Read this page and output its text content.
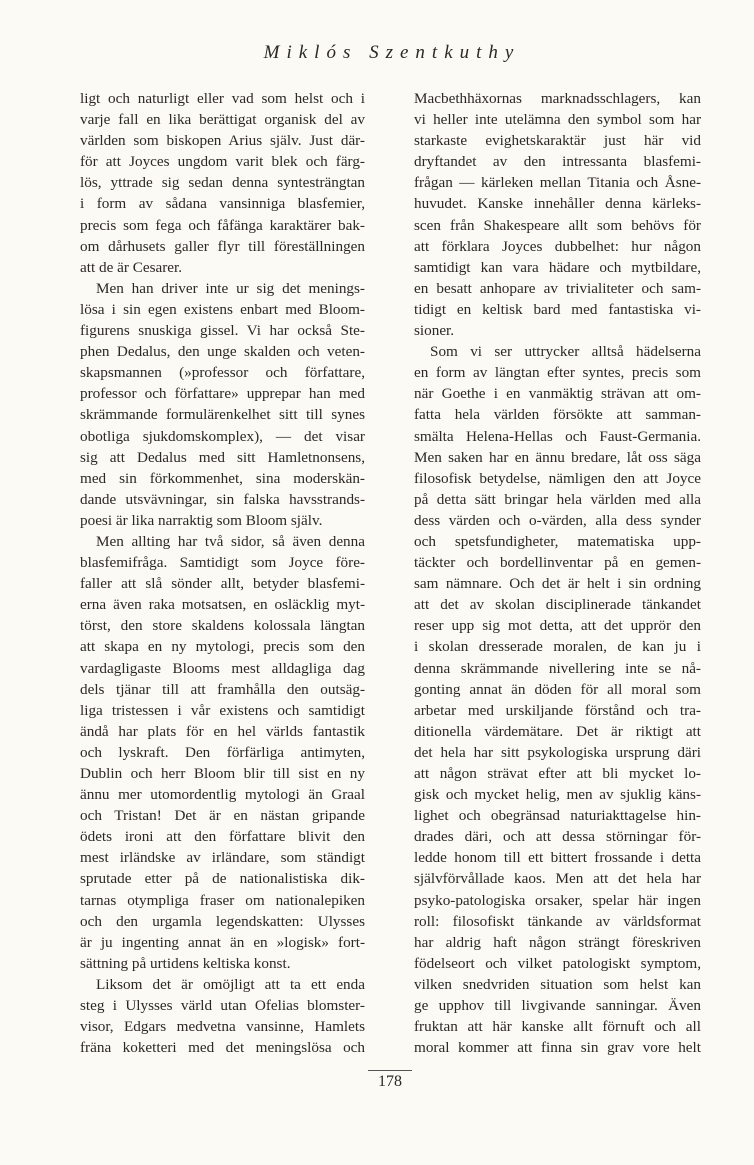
Miklós Szentkuthy
ligt och naturligt eller vad som helst och i
varje fall en lika berättigat organisk del av
världen som biskopen Arius själv. Just där-
för att Joyces ungdom varit blek och färg-
lös, yttrade sig sedan denna syntesträngtan
i form av sådana vansinniga blasfemier,
precis som fega och fåfänga karaktärer bak-
om dårhusets galler flyr till föreställningen
att de är Cesarer.
Men han driver inte ur sig det menings-
lösa i sin egen existens enbart med Bloom-
figurens snuskiga gissel. Vi har också Ste-
phen Dedalus, den unge skalden och veten-
skapsmannen (»professor och författare,
professor och författare» upprepar han med
skrämmande formulärenkelhet sitt till synes
obotliga sjukdomskomplex), — det visar
sig att Dedalus med sitt Hamletnonsens,
med sin förkommenhet, sina moderskän-
dande utsvävningar, sin falska havsstrands-
poesi är lika narraktig som Bloom själv.
Men allting har två sidor, så även denna
blasfemifråga. Samtidigt som Joyce före-
faller att slå sönder allt, betyder blasfemi-
erna även raka motsatsen, en osläcklig myt-
törst, den store skaldens kolossala längtan
att skapa en ny mytologi, precis som den
vardagligaste Blooms mest alldagliga dag
dels tjänar till att framhålla den outsäg-
liga tristessen i vår existens och samtidigt
ändå har plats för en hel världs fantastik
och lyskraft. Den förfärliga antimyten,
Dublin och herr Bloom blir till sist en ny
ännu mer utomordentlig mytologi än Graal
och Tristan! Det är en nästan gripande
ödets ironi att den författare blivit den
mest irländske av irländare, som ständigt
sprutade etter på de nationalistiska dik-
tarnas otympliga fraser om nationalepiken
och den urgamla legendskatten: Ulysses
är ju ingenting annat än en »logisk» fort-
sättning på urtidens keltiska konst.
Liksom det är omöjligt att ta ett enda
steg i Ulysses värld utan Ofelias blomster-
visor, Edgars medvetna vansinne, Hamlets
fräna koketteri med det meningslösa och
Macbethhäxornas marknadsschlagers, kan
vi heller inte utelämna den symbol som har
starkaste evighetskaraktär just här vid
dryftandet av den intressanta blasfemi-
frågan — kärleken mellan Titania och Åsne-
huvudet. Kanske innehåller denna kärleks-
scen från Shakespeare allt som behövs för
att förklara Joyces dubbelhet: hur någon
samtidigt kan vara hädare och mytbildare,
en besatt anhopare av trivialiteter och sam-
tidigt en keltisk bard med fantastiska vi-
sioner.
Som vi ser uttrycker alltså hädelserna
en form av längtan efter syntes, precis som
när Goethe i en vanmäktig strävan att om-
fatta hela världen försökte att samman-
smälta Helena-Hellas och Faust-Germania.
Men saken har en ännu bredare, låt oss säga
filosofisk betydelse, nämligen den att Joyce
på detta sätt bringar hela världen med alla
dess värden och o-värden, alla dess synder
och spetsfundigheter, matematiska upp-
täckter och bordellinventar på en gemen-
sam nämnare. Och det är helt i sin ordning
att det av skolan disciplinerade tänkandet
reser upp sig mot detta, att det upprör den
i skolan dresserade moralen, de kan ju i
denna skrämmande nivellering inte se nå-
gonting annat än döden för all moral som
arbetar med urskiljande förstånd och tra-
ditionella värdemätare. Det är riktigt att
det hela har sitt psykologiska ursprung däri
att någon strävat efter att bli mycket lo-
gisk och mycket helig, men av sjuklig käns-
lighet och obegränsad naturiakttagelse hin-
drades däri, och att dessa störningar för-
ledde honom till ett bittert frossande i detta
självförvållade kaos. Men att det hela har
psyko-patologiska orsaker, spelar här ingen
roll: filosofiskt tänkande av världsformat
har aldrig haft någon strängt föreskriven
födelseort och vilket patologiskt symptom,
vilken snedvriden situation som helst kan
ge upphov till livgivande sanningar. Även
fruktan att här kanske allt förnuft och all
moral kommer att finna sin grav vore helt
178
